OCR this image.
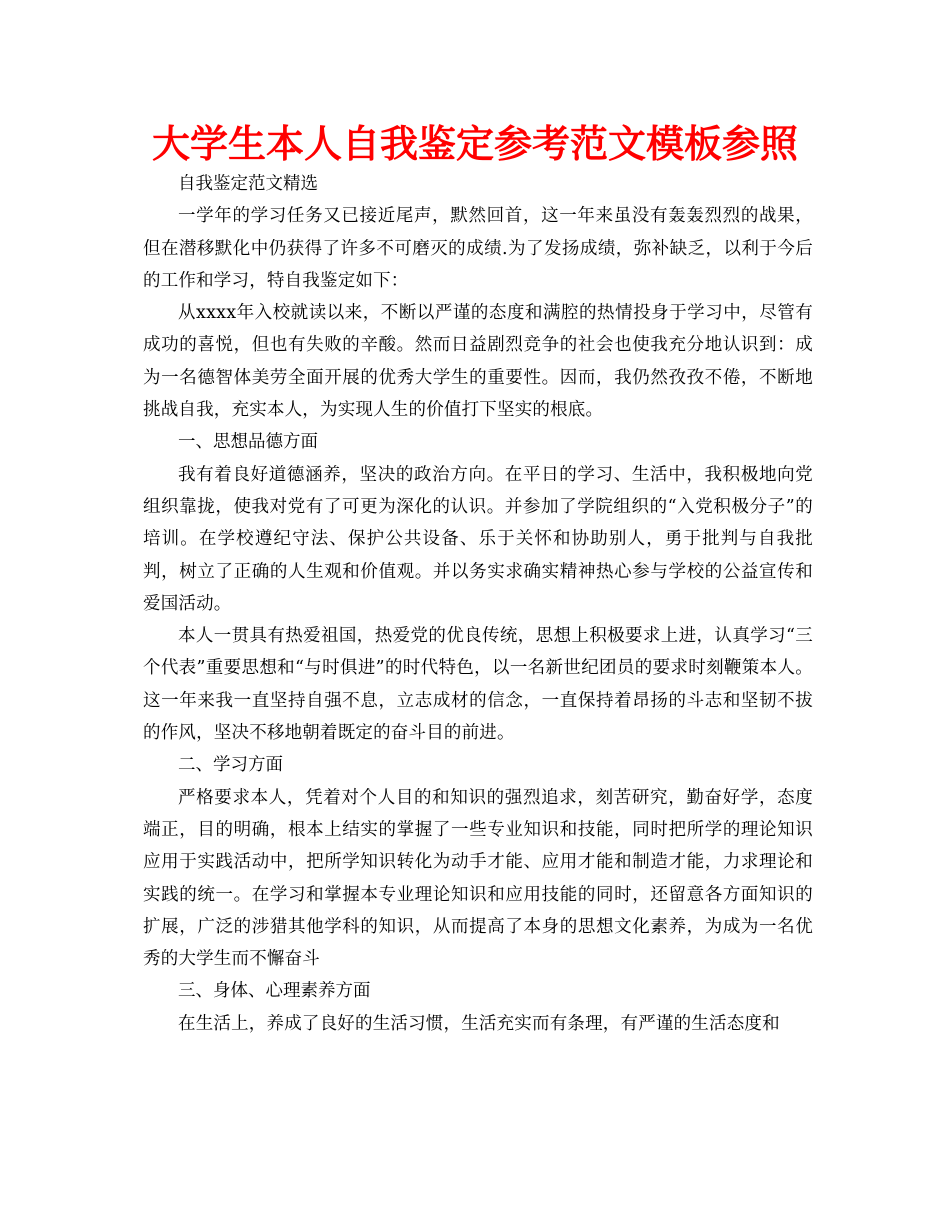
大学生本人自我鉴定参考范文模板参照

自我鉴定范文精选

一学年的学习任务又已接近尾声，默然回首，这一年来虽没有轰轰烈烈的战果，但在潜移默化中仍获得了许多不可磨灭的成绩.为了发扬成绩，弥补缺乏，以利于今后的工作和学习，特自我鉴定如下：

从xxxx年入校就读以来，不断以严谨的态度和满腔的热情投身于学习中，尽管有成功的喜悦，但也有失败的辛酸。然而日益剧烈竞争的社会也使我充分地认识到：成为一名德智体美劳全面开展的优秀大学生的重要性。因而，我仍然孜孜不倦，不断地挑战自我，充实本人，为实现人生的价值打下坚实的根底。

一、思想品德方面

我有着良好道德涵养，坚决的政治方向。在平日的学习、生活中，我积极地向党组织靠拢，使我对党有了可更为深化的认识。并参加了学院组织的“入党积极分子”的培训。在学校遵纪守法、保护公共设备、乐于关怀和协助别人，勇于批判与自我批判，树立了正确的人生观和价值观。并以务实求确实精神热心参与学校的公益宣传和爱国活动。

本人一贯具有热爱祖国，热爱党的优良传统，思想上积极要求上进，认真学习“三个代表”重要思想和“与时俱进”的时代特色，以一名新世纪团员的要求时刻鞭策本人。这一年来我一直坚持自强不息，立志成材的信念，一直保持着昂扬的斗志和坚韧不拔的作风，坚决不移地朝着既定的奋斗目的前进。

二、学习方面

严格要求本人，凭着对个人目的和知识的强烈追求，刻苦研究，勤奋好学，态度端正，目的明确，根本上结实的掌握了一些专业知识和技能，同时把所学的理论知识应用于实践活动中，把所学知识转化为动手才能、应用才能和制造才能，力求理论和实践的统一。在学习和掌握本专业理论知识和应用技能的同时，还留意各方面知识的扩展，广泛的涉猎其他学科的知识，从而提高了本身的思想文化素养，为成为一名优秀的大学生而不懈奋斗

三、身体、心理素养方面

在生活上，养成了良好的生活习惯，生活充实而有条理，有严谨的生活态度和
